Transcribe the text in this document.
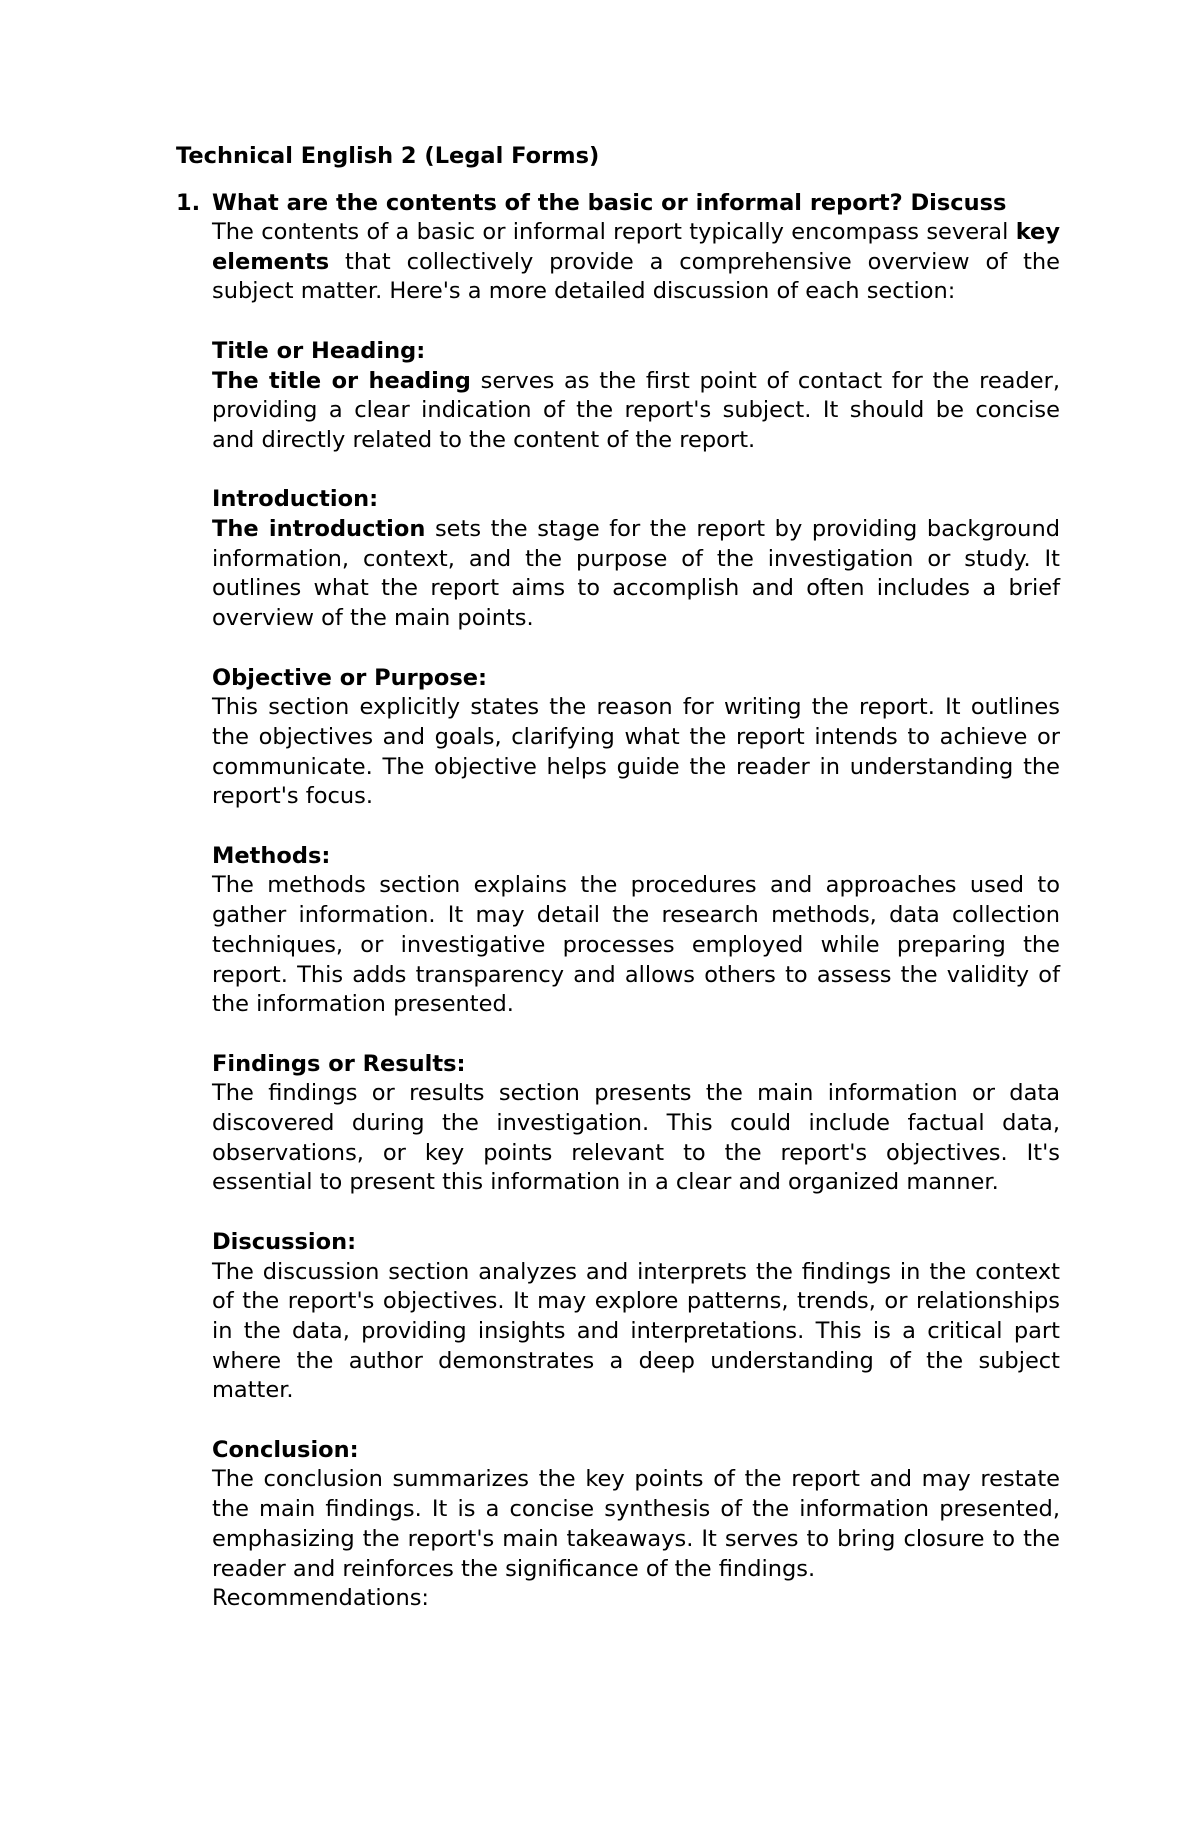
Technical English 2 (Legal Forms)
1. What are the contents of the basic or informal report? Discuss

The contents of a basic or informal report typically encompass several key elements that collectively provide a comprehensive overview of the subject matter. Here's a more detailed discussion of each section:

Title or Heading:

The title or heading serves as the first point of contact for the reader, providing a clear indication of the report's subject. It should be concise and directly related to the content of the report.

Introduction:

The introduction sets the stage for the report by providing background information, context, and the purpose of the investigation or study. It outlines what the report aims to accomplish and often includes a brief overview of the main points.

Objective or Purpose:

This section explicitly states the reason for writing the report. It outlines the objectives and goals, clarifying what the report intends to achieve or communicate. The objective helps guide the reader in understanding the report's focus.

Methods:

The methods section explains the procedures and approaches used to gather information. It may detail the research methods, data collection techniques, or investigative processes employed while preparing the report. This adds transparency and allows others to assess the validity of the information presented.

Findings or Results:

The findings or results section presents the main information or data discovered during the investigation. This could include factual data, observations, or key points relevant to the report's objectives. It's essential to present this information in a clear and organized manner.

Discussion:

The discussion section analyzes and interprets the findings in the context of the report's objectives. It may explore patterns, trends, or relationships in the data, providing insights and interpretations. This is a critical part where the author demonstrates a deep understanding of the subject matter.

Conclusion:

The conclusion summarizes the key points of the report and may restate the main findings. It is a concise synthesis of the information presented, emphasizing the report's main takeaways. It serves to bring closure to the reader and reinforces the significance of the findings.

Recommendations:
